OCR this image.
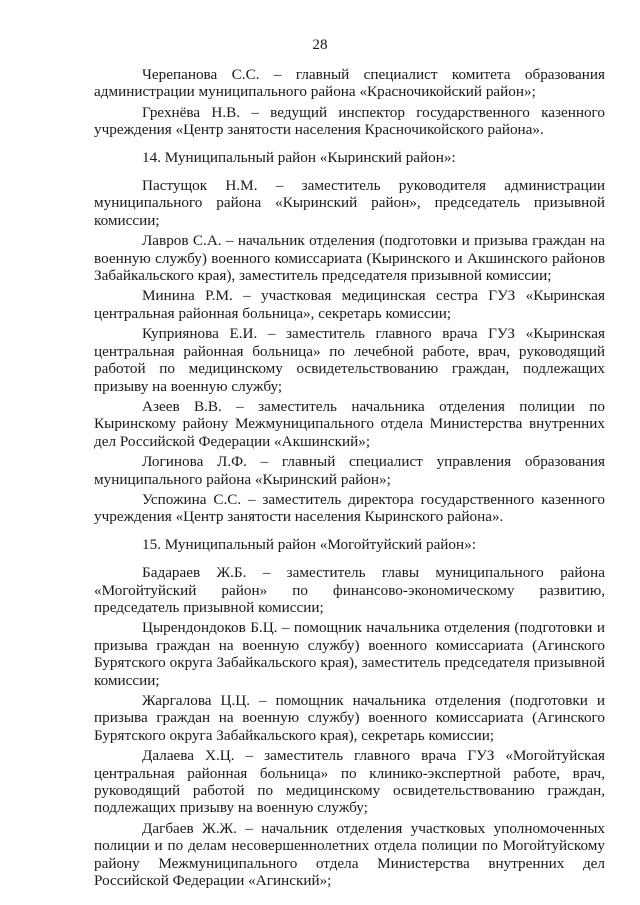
28

Черепанова С.С. – главный специалист комитета образования администрации муниципального района «Красночикойский район»;

Грехнёва Н.В. – ведущий инспектор государственного казенного учреждения «Центр занятости населения Красночикойского района».

14. Муниципальный район «Кыринский район»:

Пастущок Н.М. – заместитель руководителя администрации муниципального района «Кыринский район», председатель призывной комиссии;

Лавров С.А. – начальник отделения (подготовки и призыва граждан на военную службу) военного комиссариата (Кыринского и Акшинского районов Забайкальского края), заместитель председателя призывной комиссии;

Минина Р.М. – участковая медицинская сестра ГУЗ «Кыринская центральная районная больница», секретарь комиссии;

Куприянова Е.И. – заместитель главного врача ГУЗ «Кыринская центральная районная больница» по лечебной работе, врач, руководящий работой по медицинскому освидетельствованию граждан, подлежащих призыву на военную службу;

Азеев В.В. – заместитель начальника отделения полиции по Кыринскому району Межмуниципального отдела Министерства внутренних дел Российской Федерации «Акшинский»;

Логинова Л.Ф. – главный специалист управления образования муниципального района «Кыринский район»;

Успожина С.С. – заместитель директора государственного казенного учреждения «Центр занятости населения Кыринского района».

15. Муниципальный район «Могойтуйский район»:

Бадараев Ж.Б. – заместитель главы муниципального района «Могойтуйский район» по финансово-экономическому развитию, председатель призывной комиссии;

Цырендондоков Б.Ц. – помощник начальника отделения (подготовки и призыва граждан на военную службу) военного комиссариата (Агинского Бурятского округа Забайкальского края), заместитель председателя призывной комиссии;

Жаргалова Ц.Ц. – помощник начальника отделения (подготовки и призыва граждан на военную службу) военного комиссариата (Агинского Бурятского округа Забайкальского края), секретарь комиссии;

Далаева Х.Ц. – заместитель главного врача ГУЗ «Могойтуйская центральная районная больница» по клинико-экспертной работе, врач, руководящий работой по медицинскому освидетельствованию граждан, подлежащих призыву на военную службу;

Дагбаев Ж.Ж. – начальник отделения участковых уполномоченных полиции и по делам несовершеннолетних отдела полиции по Могойтуйскому району Межмуниципального отдела Министерства внутренних дел Российской Федерации «Агинский»;
